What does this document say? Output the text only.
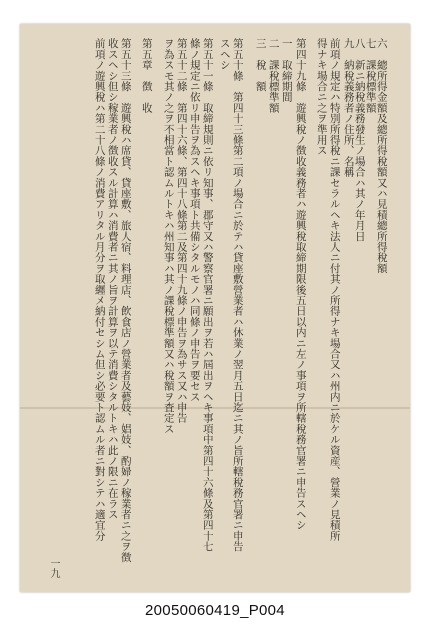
六　總所得金額及總所得稅額又ハ見積總所得稅額
七　課稅標準額
八　新ニ納稅義務發生ノ場合ハ其ノ年月日
九　納稅義務者ノ住所、名稱
前項ノ規定ハ特別所得稅ニ課セラルヘキ法人ニ付其ノ所得ナキ場合又ハ州内ニ於ケル資産、營業ノ見積所
得ナキ場合ニ之ヲ準用ス
第四十九條　遊興稅ノ徴收義務者ハ遊興稅取締期限後五日以内ニ左ノ事項ヲ所轄稅務官署ニ申告スヘシ
一　取締期間
二　課稅標準額
三　稅　額
第五十條　第四十三條第二項ノ場合ニ於テハ貸座敷營業者ハ休業ノ翌月五日迄ニ其ノ旨所轄稅務官署ニ申告
スヘシ
第五十一條　取締規則ニ依リ知事、郡守又ハ警察官署ニ願出ヲ若ハ屆出ヲヘキ事項中第四十六條及第四十七
條ノ規定ニ依リ申告ヲ為スヘキ事項ト共備シタルモノハ同條ノ申告ヲ要セス
第五十二條　第四十六條、第四十八條第二及第四十九條ノ申告ヲ為サス又ハ申告
ヲ為スモ其ノ之ヲ不相當ト認ムルトキハ州知事ハ其ノ課稅標準額又ハ稅額ヲ査定ス
第五章　徴　收
第五十三條　遊興稅ハ席貸、貸座敷、旅人宿、料理店、飲食店ノ營業者及藝妓、娼妓、酌婦ノ稼業者ニ之ヲ徴
收スヘシ但シ稼業者ノ徴收スル計算ハ消費者ニ其ノ旨ヲ計算ヲ以テ消費シタルトキハ此ノ限ニ在ラス
前項ノ遊興稅ハ第二十八條ノ消費アリタル月分ヲ取纒メ納付セシム但シ必要ト認ムル者ニ對シテハ適宜分
一九
20050060419_P004
